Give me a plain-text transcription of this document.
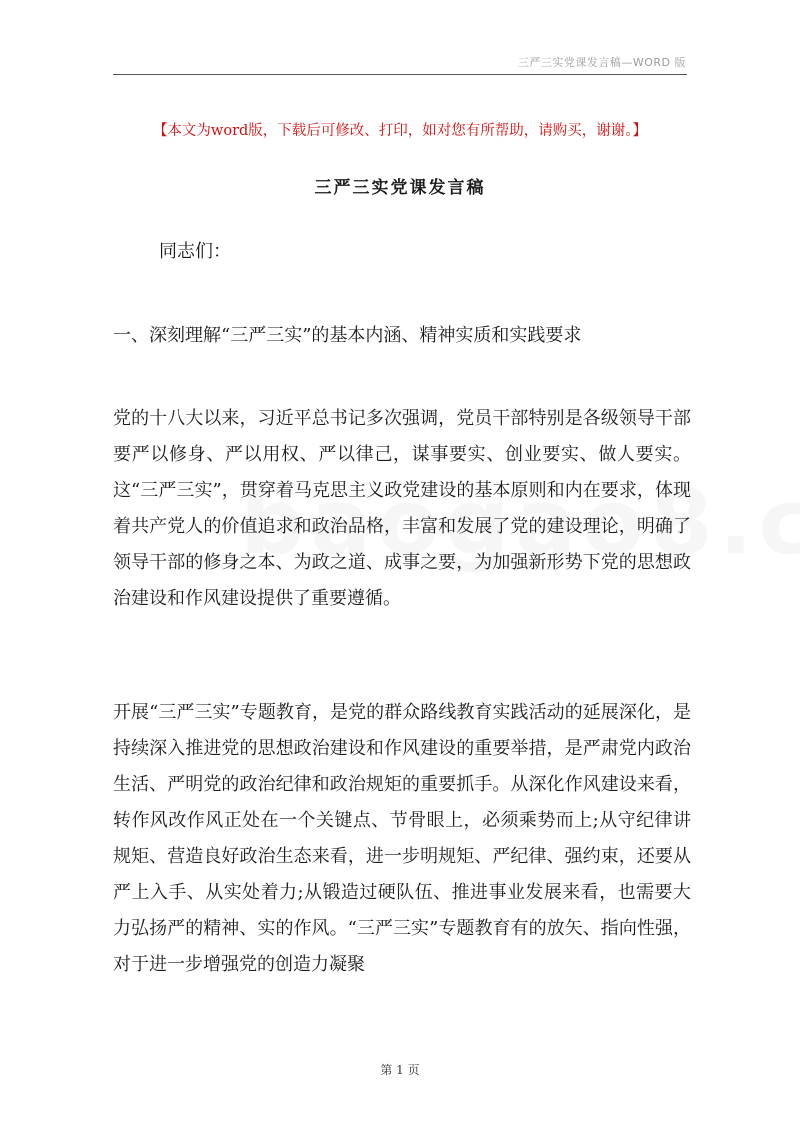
三严三实党课发言稿—WORD 版
【本文为word版，下载后可修改、打印，如对您有所帮助，请购买，谢谢。】
三严三实党课发言稿
同志们：
一、深刻理解“三严三实”的基本内涵、精神实质和实践要求
党的十八大以来，习近平总书记多次强调，党员干部特别是各级领导干部要严以修身、严以用权、严以律己，谋事要实、创业要实、做人要实。这“三严三实”，贯穿着马克思主义政党建设的基本原则和内在要求，体现着共产党人的价值追求和政治品格，丰富和发展了党的建设理论，明确了领导干部的修身之本、为政之道、成事之要，为加强新形势下党的思想政治建设和作风建设提供了重要遵循。
开展“三严三实”专题教育，是党的群众路线教育实践活动的延展深化，是持续深入推进党的思想政治建设和作风建设的重要举措，是严肃党内政治生活、严明党的政治纪律和政治规矩的重要抓手。从深化作风建设来看，转作风改作风正处在一个关键点、节骨眼上，必须乘势而上;从守纪律讲规矩、营造良好政治生态来看，进一步明规矩、严纪律、强约束，还要从严上入手、从实处着力;从锻造过硬队伍、推进事业发展来看，也需要大力弘扬严的精神、实的作风。“三严三实”专题教育有的放矢、指向性强，对于进一步增强党的创造力凝聚
第 1 页
